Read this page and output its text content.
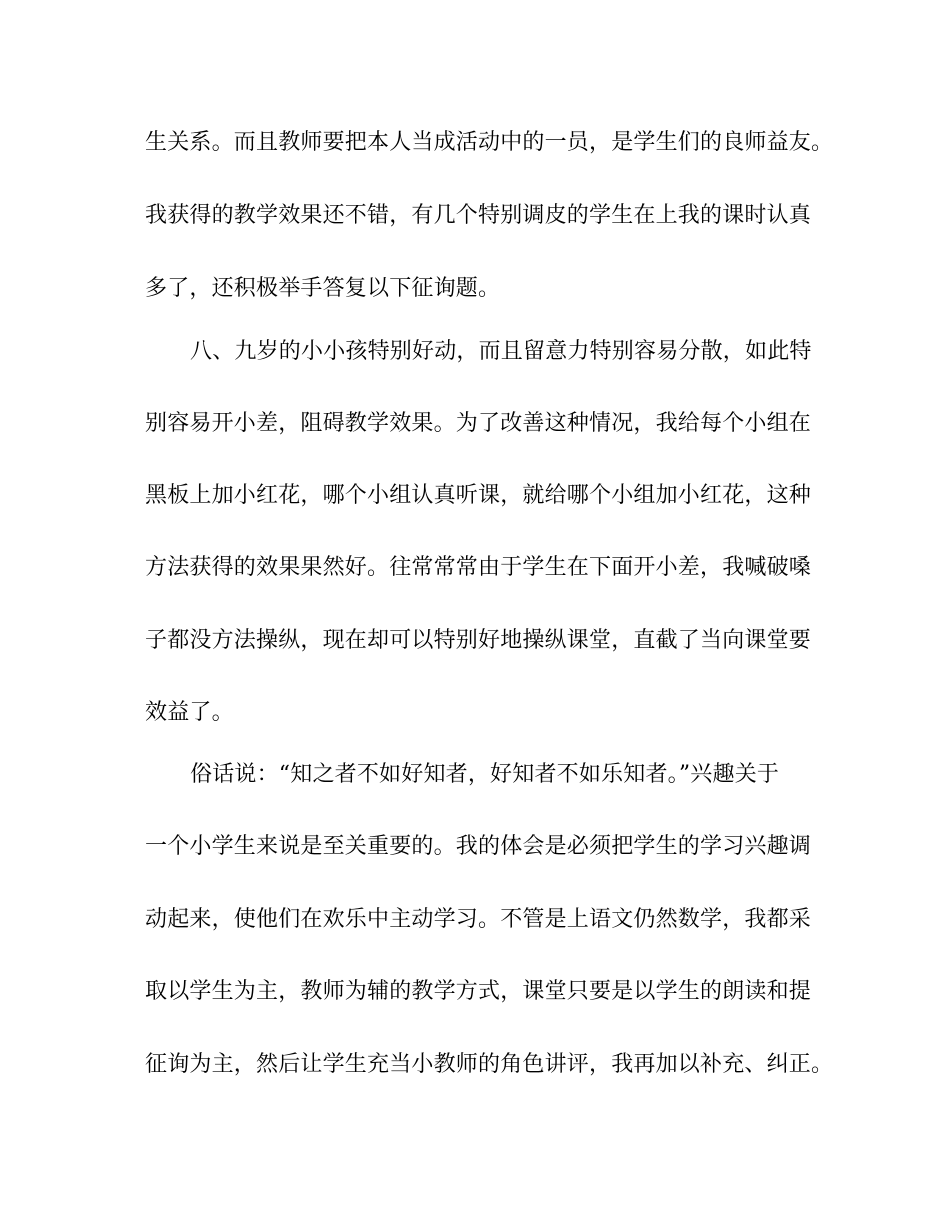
生关系。而且教师要把本人当成活动中的一员，是学生们的良师益友。
我获得的教学效果还不错，有几个特别调皮的学生在上我的课时认真
多了，还积极举手答复以下征询题。
八、九岁的小小孩特别好动，而且留意力特别容易分散，如此特
别容易开小差，阻碍教学效果。为了改善这种情况，我给每个小组在
黑板上加小红花，哪个小组认真听课，就给哪个小组加小红花，这种
方法获得的效果果然好。往常常常由于学生在下面开小差，我喊破嗓
子都没方法操纵，现在却可以特别好地操纵课堂，直截了当向课堂要
效益了。
俗话说：“知之者不如好知者，好知者不如乐知者。”兴趣关于
一个小学生来说是至关重要的。我的体会是必须把学生的学习兴趣调
动起来，使他们在欢乐中主动学习。不管是上语文仍然数学，我都采
取以学生为主，教师为辅的教学方式，课堂只要是以学生的朗读和提
征询为主，然后让学生充当小教师的角色讲评，我再加以补充、纠正。
